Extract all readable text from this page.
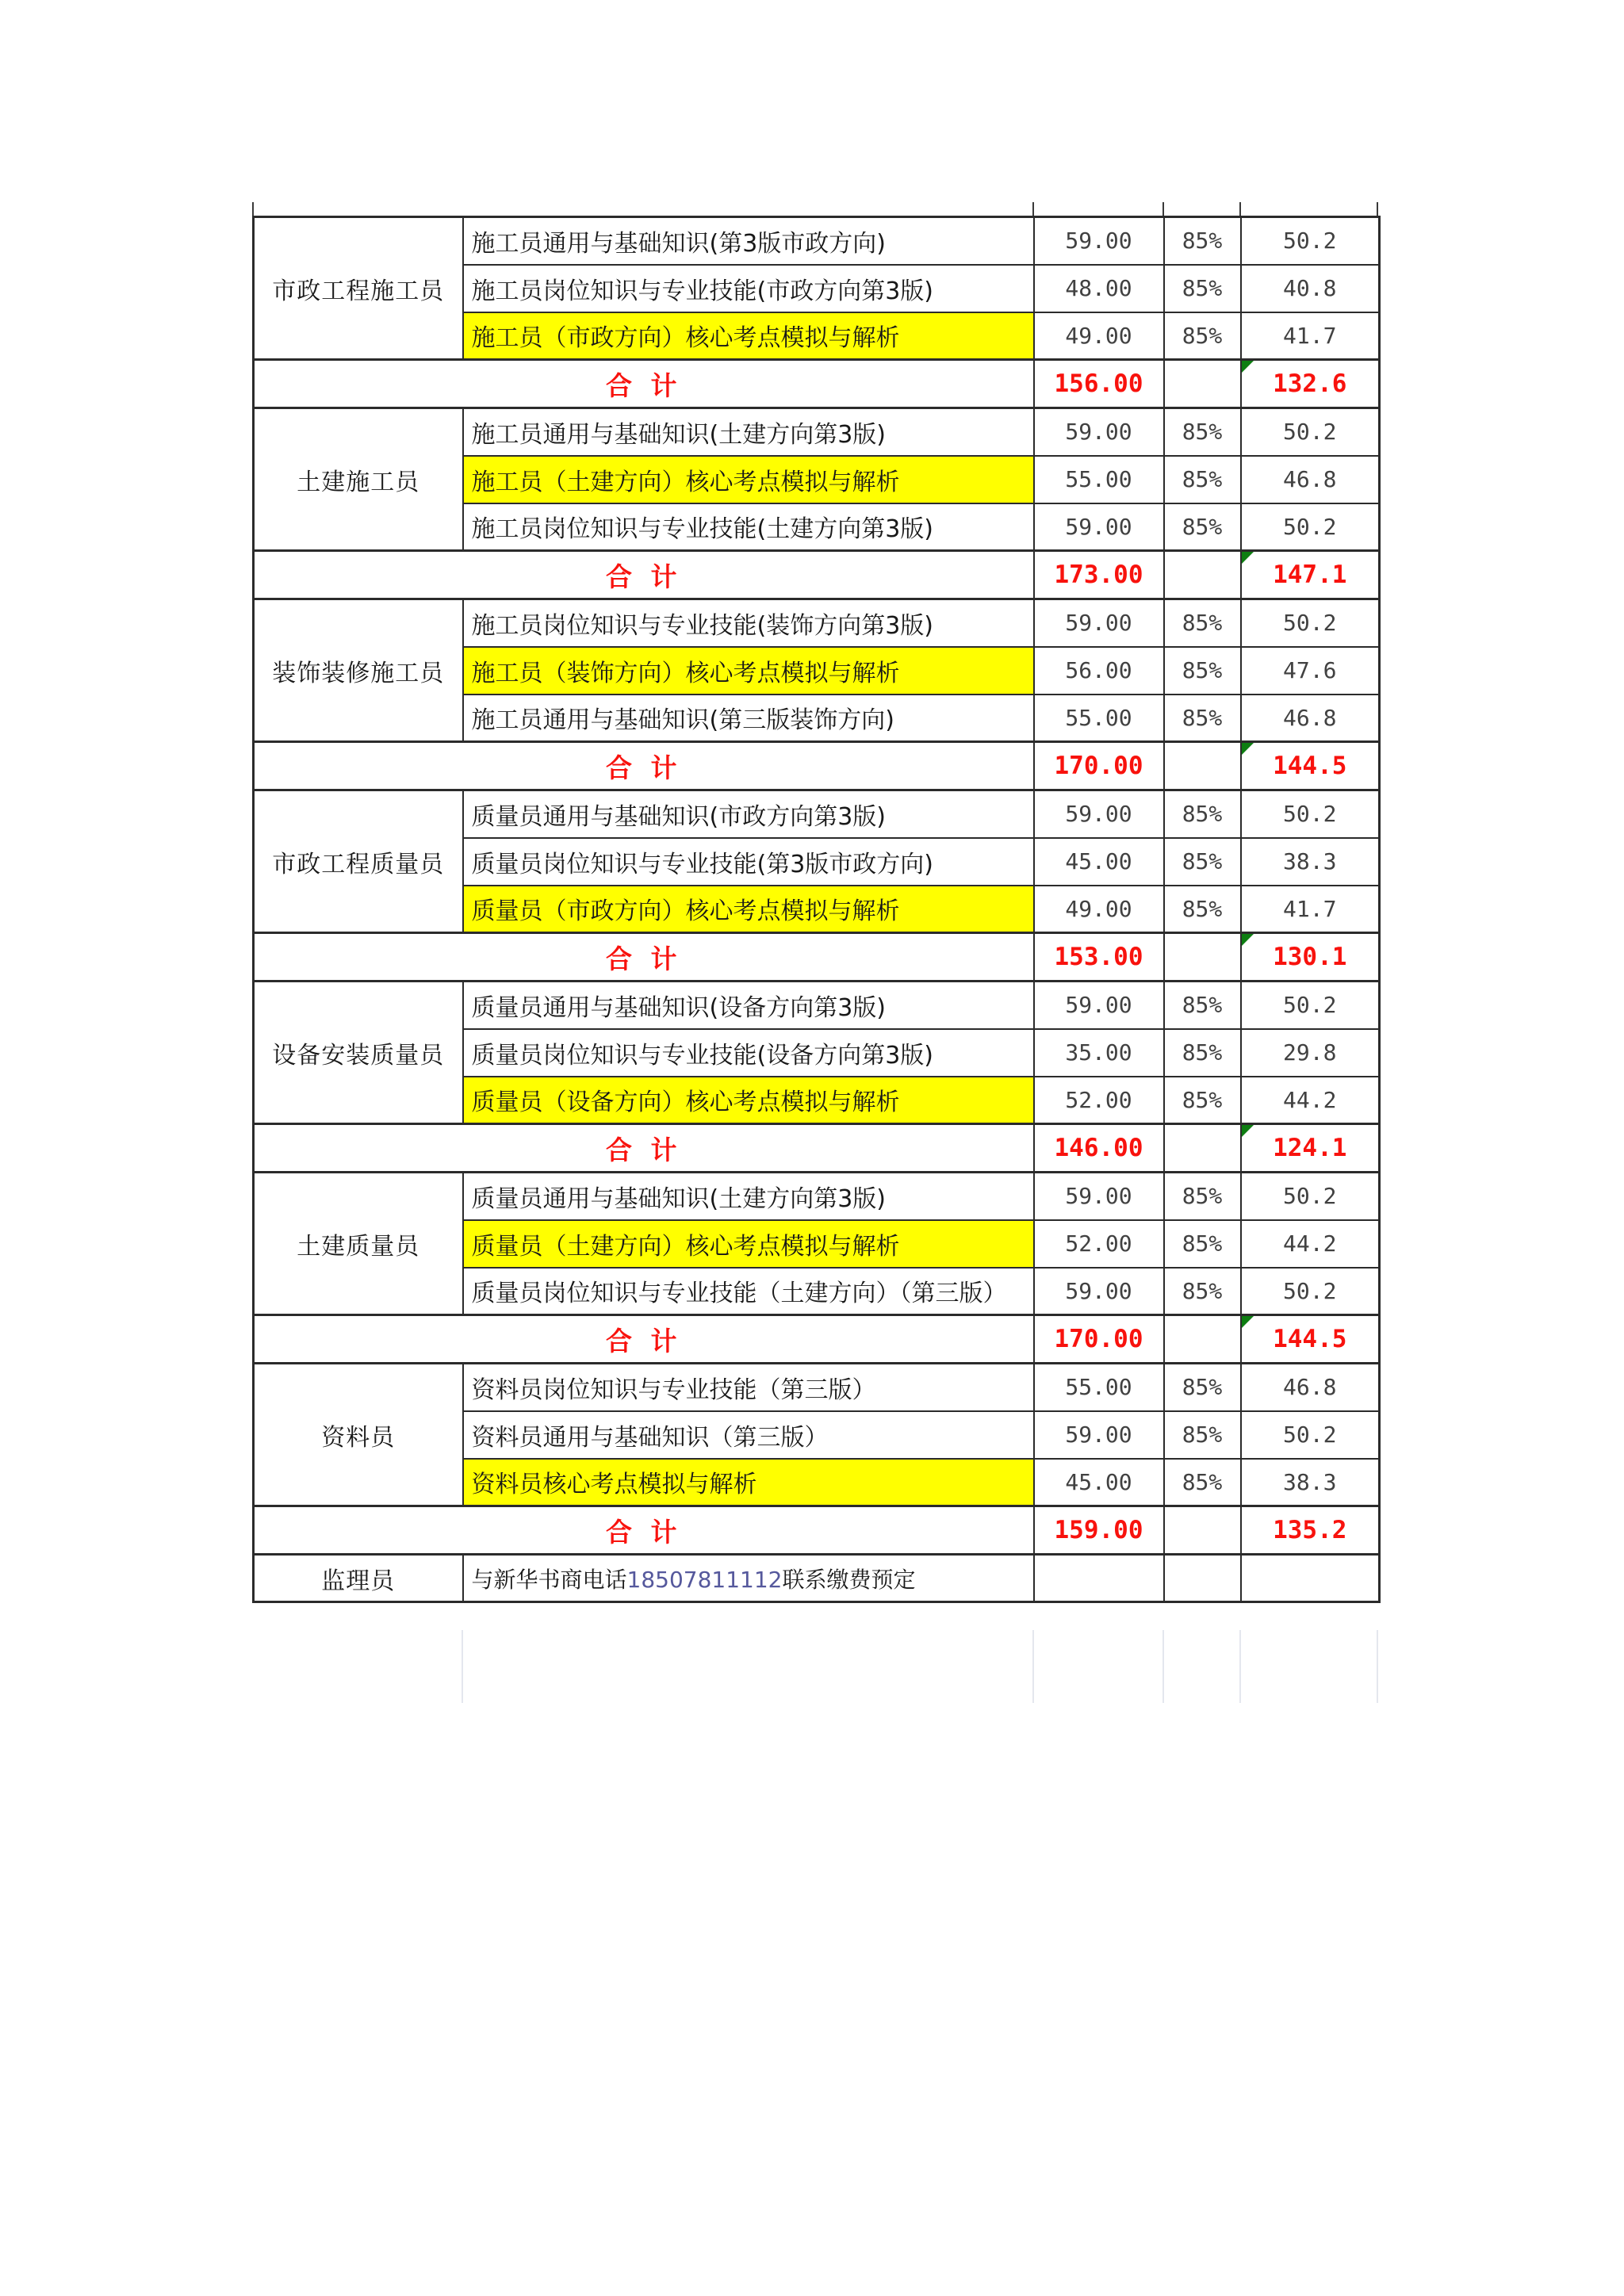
市政工程施工员	施工员通用与基础知识(第3版市政方向)	59.00	85%	50.2
	施工员岗位知识与专业技能(市政方向第3版)	48.00	85%	40.8
	施工员（市政方向）核心考点模拟与解析	49.00	85%	41.7
合 计		156.00		132.6
土建施工员	施工员通用与基础知识(土建方向第3版)	59.00	85%	50.2
	施工员（土建方向）核心考点模拟与解析	55.00	85%	46.8
	施工员岗位知识与专业技能(土建方向第3版)	59.00	85%	50.2
合 计		173.00		147.1
装饰装修施工员	施工员岗位知识与专业技能(装饰方向第3版)	59.00	85%	50.2
	施工员（装饰方向）核心考点模拟与解析	56.00	85%	47.6
	施工员通用与基础知识(第三版装饰方向)	55.00	85%	46.8
合 计		170.00		144.5
市政工程质量员	质量员通用与基础知识(市政方向第3版)	59.00	85%	50.2
	质量员岗位知识与专业技能(第3版市政方向)	45.00	85%	38.3
	质量员（市政方向）核心考点模拟与解析	49.00	85%	41.7
合 计		153.00		130.1
设备安装质量员	质量员通用与基础知识(设备方向第3版)	59.00	85%	50.2
	质量员岗位知识与专业技能(设备方向第3版)	35.00	85%	29.8
	质量员（设备方向）核心考点模拟与解析	52.00	85%	44.2
合 计		146.00		124.1
土建质量员	质量员通用与基础知识(土建方向第3版)	59.00	85%	50.2
	质量员（土建方向）核心考点模拟与解析	52.00	85%	44.2
	质量员岗位知识与专业技能（土建方向）（第三版）	59.00	85%	50.2
合 计		170.00		144.5
资料员	资料员岗位知识与专业技能（第三版）	55.00	85%	46.8
	资料员通用与基础知识（第三版）	59.00	85%	50.2
	资料员核心考点模拟与解析	45.00	85%	38.3
合 计		159.00		135.2
监理员	与新华书商电话18507811112联系缴费预定			
